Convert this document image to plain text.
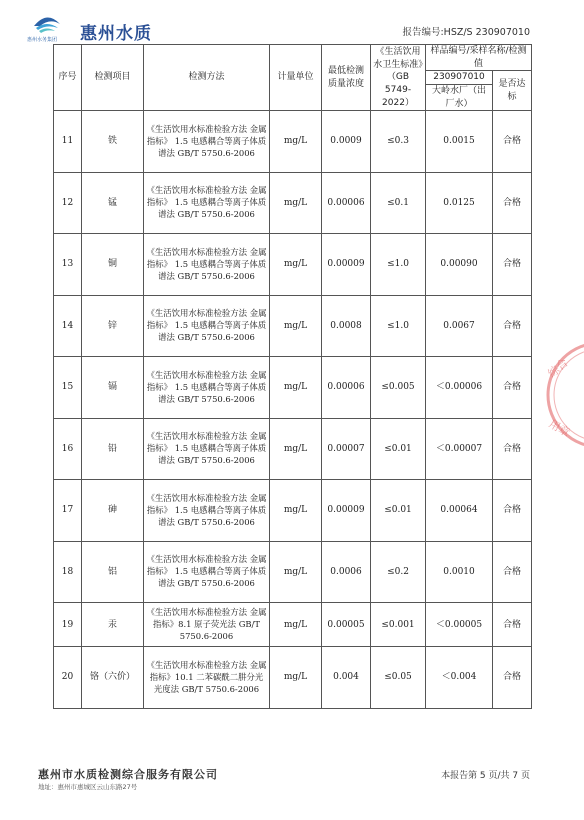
惠州水务集团 惠州水质	报告编号:HSZ/S 230907010
序号	检测项目	检测方法	计量单位	最低检测质量浓度	《生活饮用水卫生标准》（GB 5749-2022）	样品编号/采样名称/检测值	
						230907010	是否达标
						大岭水厂（出厂水）	
11	铁	《生活饮用水标准检验方法 金属指标》 1.5 电感耦合等离子体质谱法 GB/T 5750.6-2006	mg/L	0.0009	≤0.3	0.0015	合格
12	锰	《生活饮用水标准检验方法 金属指标》 1.5 电感耦合等离子体质谱法 GB/T 5750.6-2006	mg/L	0.00006	≤0.1	0.0125	合格
13	铜	《生活饮用水标准检验方法 金属指标》 1.5 电感耦合等离子体质谱法 GB/T 5750.6-2006	mg/L	0.00009	≤1.0	0.00090	合格
14	锌	《生活饮用水标准检验方法 金属指标》 1.5 电感耦合等离子体质谱法 GB/T 5750.6-2006	mg/L	0.0008	≤1.0	0.0067	合格
15	镉	《生活饮用水标准检验方法 金属指标》 1.5 电感耦合等离子体质谱法 GB/T 5750.6-2006	mg/L	0.00006	≤0.005	＜0.00006	合格
16	铅	《生活饮用水标准检验方法 金属指标》 1.5 电感耦合等离子体质谱法 GB/T 5750.6-2006	mg/L	0.00007	≤0.01	＜0.00007	合格
17	砷	《生活饮用水标准检验方法 金属指标》 1.5 电感耦合等离子体质谱法 GB/T 5750.6-2006	mg/L	0.00009	≤0.01	0.00064	合格
18	铝	《生活饮用水标准检验方法 金属指标》 1.5 电感耦合等离子体质谱法 GB/T 5750.6-2006	mg/L	0.0006	≤0.2	0.0010	合格
19	汞	《生活饮用水标准检验方法 金属指标》8.1 原子荧光法 GB/T 5750.6-2006	mg/L	0.00005	≤0.001	＜0.00005	合格
20	铬（六价）	《生活饮用水标准检验方法 金属指标》10.1 二苯碳酰二肼分光光度法 GB/T 5750.6-2006	mg/L	0.004	≤0.05	＜0.004	合格
惠州市水质检测综合服务有限公司
地址：惠州市惠城区云山东路27号
本报告第 5 页/共 7 页
综合
用章
